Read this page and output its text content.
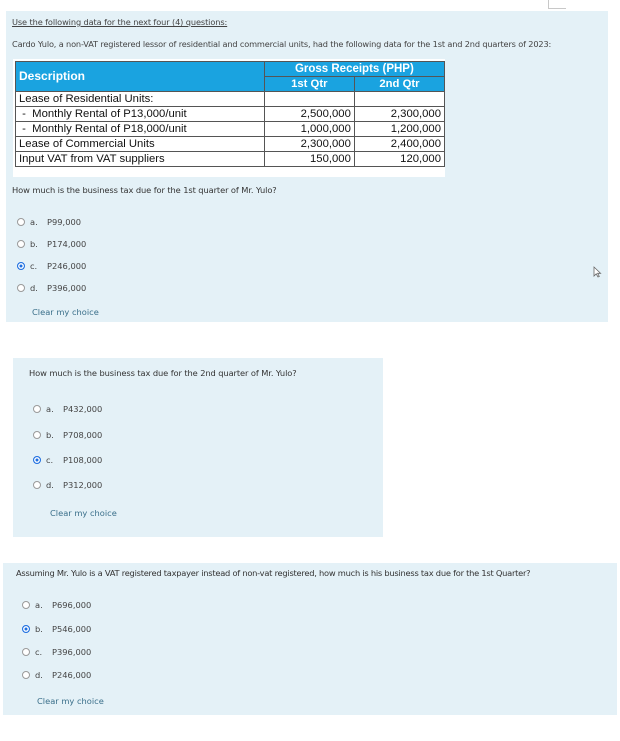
Use the following data for the next four (4) questions:
Cardo Yulo, a non-VAT registered lessor of residential and commercial units, had the following data for the 1st and 2nd quarters of 2023:
Description	Gross Receipts (PHP)	
	1st Qtr	2nd Qtr
Lease of Residential Units:		
-  Monthly Rental of P13,000/unit	2,500,000	2,300,000
-  Monthly Rental of P18,000/unit	1,000,000	1,200,000
Lease of Commercial Units	2,300,000	2,400,000
Input VAT from VAT suppliers	150,000	120,000
How much is the business tax due for the 1st quarter of Mr. Yulo?
a.	P99,000
b.	P174,000
c.	P246,000
d.	P396,000
Clear my choice
How much is the business tax due for the 2nd quarter of Mr. Yulo?
a.	P432,000
b.	P708,000
c.	P108,000
d.	P312,000
Clear my choice
Assuming Mr. Yulo is a VAT registered taxpayer instead of non-vat registered, how much is his business tax due for the 1st Quarter?
a.	P696,000
b.	P546,000
c.	P396,000
d.	P246,000
Clear my choice
